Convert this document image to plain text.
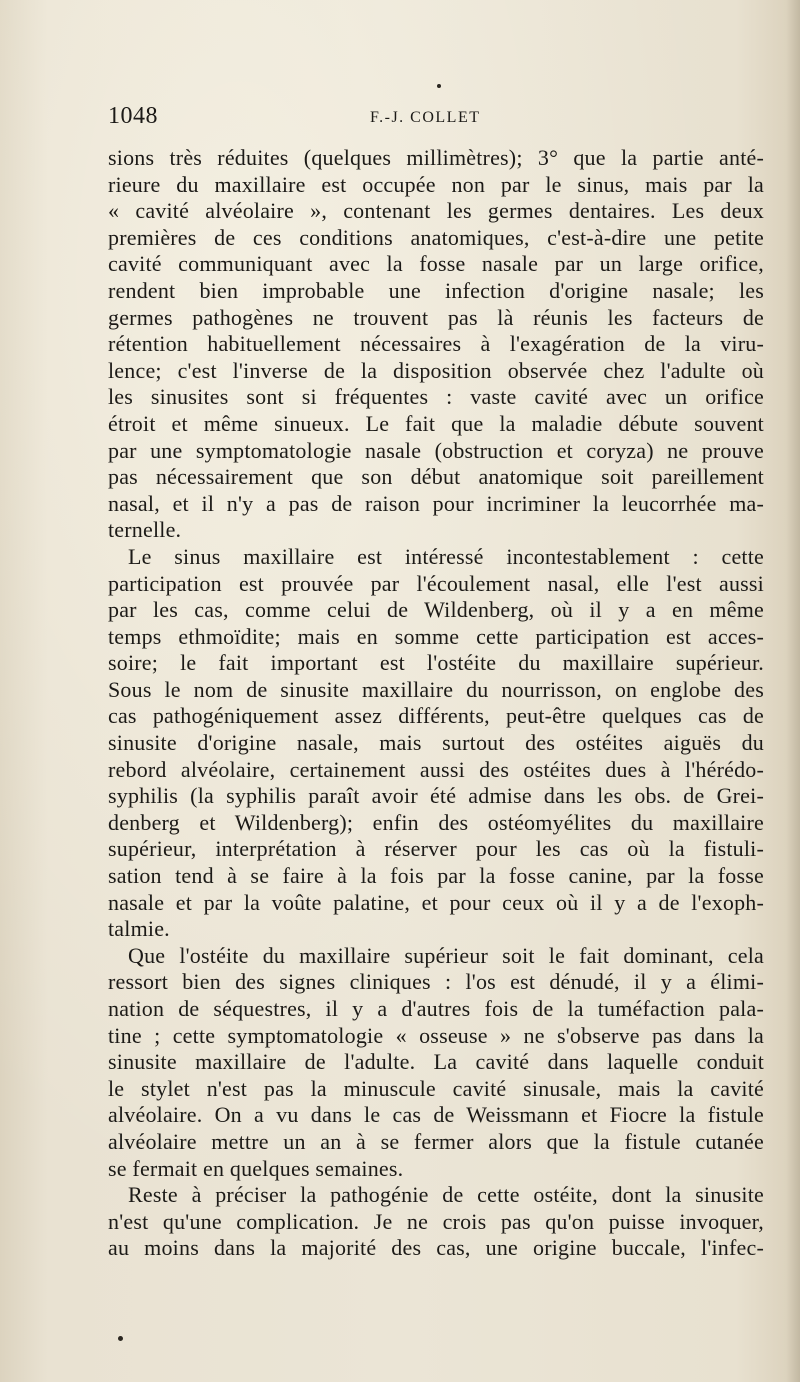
1048	F.-J. COLLET
sions très réduites (quelques millimètres); 3° que la partie anté-
rieure du maxillaire est occupée non par le sinus, mais par la
« cavité alvéolaire », contenant les germes dentaires. Les deux
premières de ces conditions anatomiques, c'est-à-dire une petite
cavité communiquant avec la fosse nasale par un large orifice,
rendent bien improbable une infection d'origine nasale; les
germes pathogènes ne trouvent pas là réunis les facteurs de
rétention habituellement nécessaires à l'exagération de la viru-
lence; c'est l'inverse de la disposition observée chez l'adulte où
les sinusites sont si fréquentes : vaste cavité avec un orifice
étroit et même sinueux. Le fait que la maladie débute souvent
par une symptomatologie nasale (obstruction et coryza) ne prouve
pas nécessairement que son début anatomique soit pareillement
nasal, et il n'y a pas de raison pour incriminer la leucorrhée ma-
ternelle.
Le sinus maxillaire est intéressé incontestablement : cette
participation est prouvée par l'écoulement nasal, elle l'est aussi
par les cas, comme celui de Wildenberg, où il y a en même
temps ethmoïdite; mais en somme cette participation est acces-
soire; le fait important est l'ostéite du maxillaire supérieur.
Sous le nom de sinusite maxillaire du nourrisson, on englobe des
cas pathogéniquement assez différents, peut-être quelques cas de
sinusite d'origine nasale, mais surtout des ostéites aiguës du
rebord alvéolaire, certainement aussi des ostéites dues à l'hérédo-
syphilis (la syphilis paraît avoir été admise dans les obs. de Grei-
denberg et Wildenberg); enfin des ostéomyélites du maxillaire
supérieur, interprétation à réserver pour les cas où la fistuli-
sation tend à se faire à la fois par la fosse canine, par la fosse
nasale et par la voûte palatine, et pour ceux où il y a de l'exoph-
talmie.
Que l'ostéite du maxillaire supérieur soit le fait dominant, cela
ressort bien des signes cliniques : l'os est dénudé, il y a élimi-
nation de séquestres, il y a d'autres fois de la tuméfaction pala-
tine ; cette symptomatologie « osseuse » ne s'observe pas dans la
sinusite maxillaire de l'adulte. La cavité dans laquelle conduit
le stylet n'est pas la minuscule cavité sinusale, mais la cavité
alvéolaire. On a vu dans le cas de Weissmann et Fiocre la fistule
alvéolaire mettre un an à se fermer alors que la fistule cutanée
se fermait en quelques semaines.
Reste à préciser la pathogénie de cette ostéite, dont la sinusite
n'est qu'une complication. Je ne crois pas qu'on puisse invoquer,
au moins dans la majorité des cas, une origine buccale, l'infec-
